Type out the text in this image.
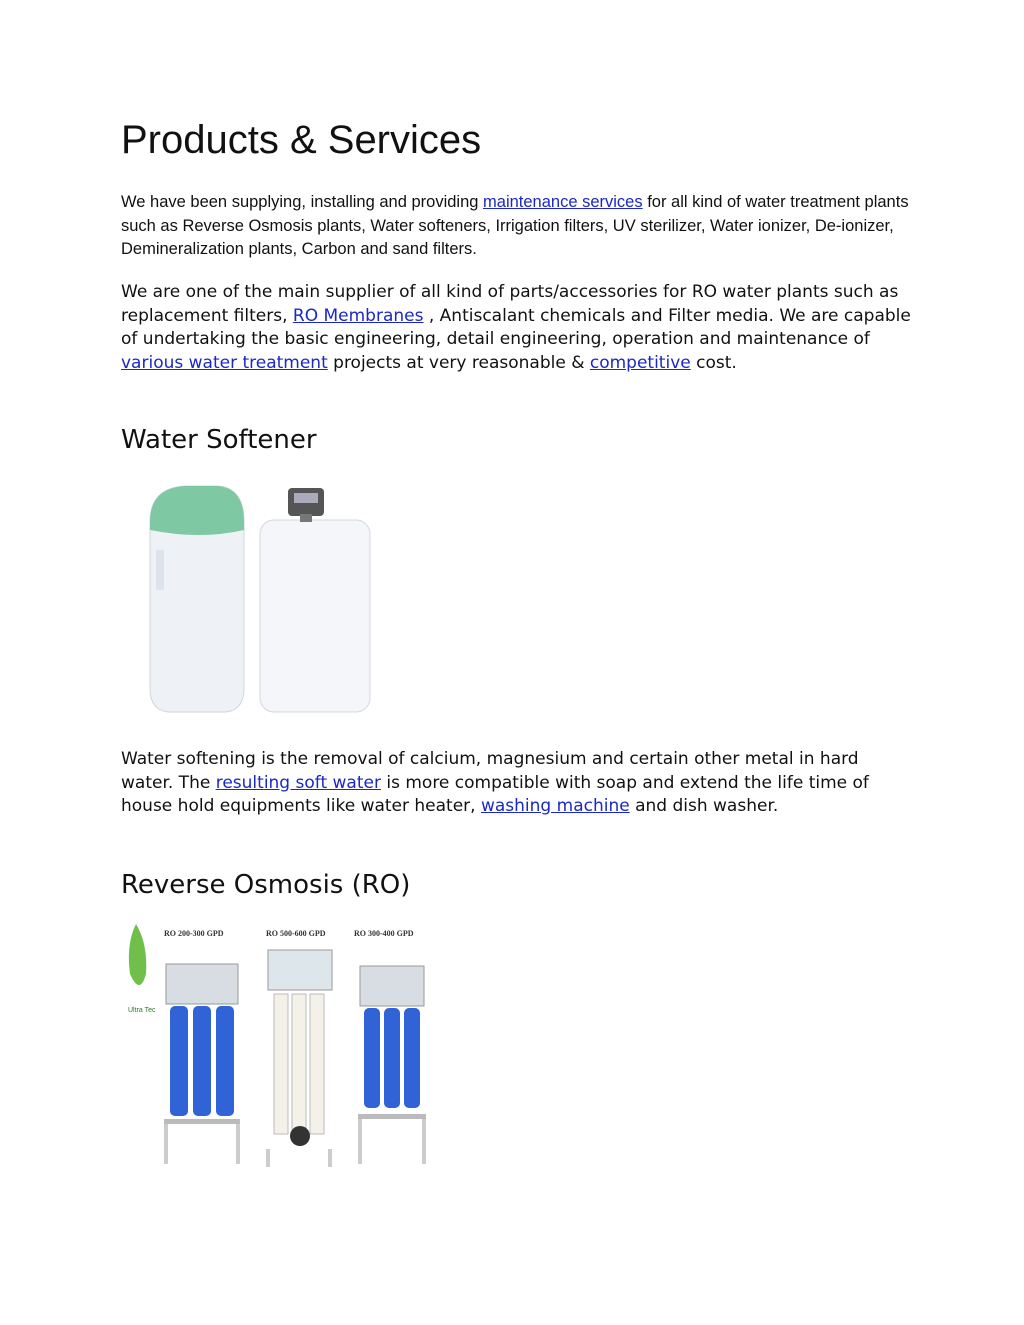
Products & Services

We have been supplying, installing and providing maintenance services for all kind of water treatment plants such as Reverse Osmosis plants, Water softeners, Irrigation filters, UV sterilizer, Water ionizer, De-ionizer, Demineralization plants, Carbon and sand filters.

We are one of the main supplier of all kind of parts/accessories for RO water plants such as replacement filters, RO Membranes , Antiscalant chemicals and Filter media. We are capable of undertaking the basic engineering, detail engineering, operation and maintenance of various water treatment projects at very reasonable & competitive cost.

Water Softener
Water softening is the removal of calcium, magnesium and certain other metal in hard water. The resulting soft water is more compatible with soap and extend the life time of house hold equipments like water heater, washing machine and dish washer.
Reverse Osmosis (RO)
Ultra Tec
RO 200-300 GPD	RO 500-600 GPD	RO 300-400 GPD
